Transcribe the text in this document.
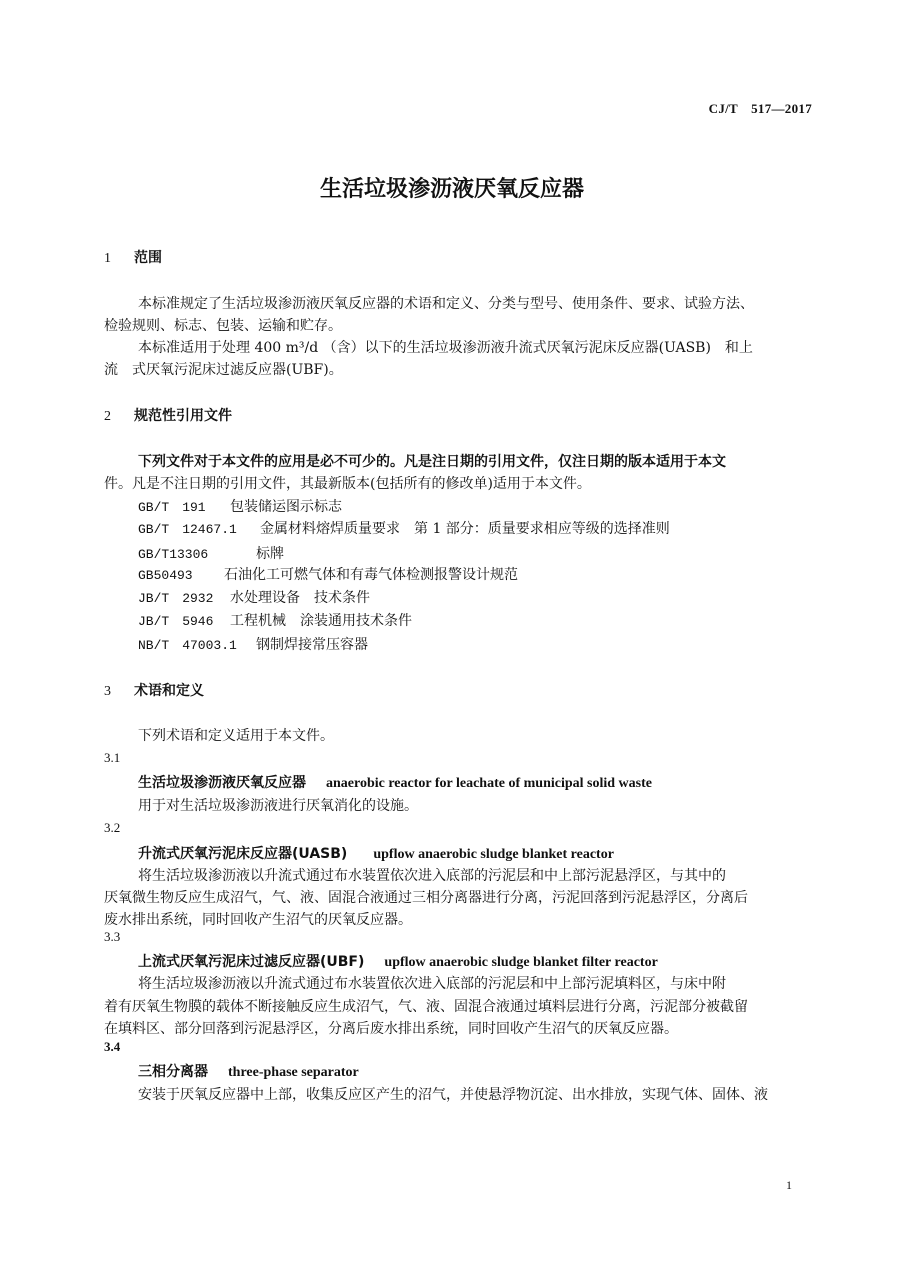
CJ/T　517—2017
生活垃圾渗沥液厌氧反应器
1 范围
本标准规定了生活垃圾渗沥液厌氧反应器的术语和定义、分类与型号、使用条件、要求、试验方法、
检验规则、标志、包装、运输和贮存。
本标准适用于处理 400 m³/d （含）以下的生活垃圾渗沥液升流式厌氧污泥床反应器(UASB)　和上
流　式厌氧污泥床过滤反应器(UBF)。
2 规范性引用文件
下列文件对于本文件的应用是必不可少的。凡是注日期的引用文件，仅注日期的版本适用于本文
件。凡是不注日期的引用文件，其最新版本(包括所有的修改单)适用于本文件。
GB/T　191 包装储运图示标志
GB/T　12467.1 金属材料熔焊质量要求　第 1 部分：质量要求相应等级的选择准则
GB/T13306	标牌
GB50493 石油化工可燃气体和有毒气体检测报警设计规范
JB/T　2932 水处理设备　技术条件
JB/T　5946 工程机械　涂装通用技术条件
NB/T　47003.1 钢制焊接常压容器
3 术语和定义
下列术语和定义适用于本文件。
3.1
生活垃圾渗沥液厌氧反应器 anaerobic reactor for leachate of municipal solid waste
用于对生活垃圾渗沥液进行厌氧消化的设施。
3.2
升流式厌氧污泥床反应器(UASB) upflow anaerobic sludge blanket reactor
将生活垃圾渗沥液以升流式通过布水装置依次进入底部的污泥层和中上部污泥悬浮区，与其中的
厌氧微生物反应生成沼气，气、液、固混合液通过三相分离器进行分离，污泥回落到污泥悬浮区，分离后
废水排出系统，同时回收产生沼气的厌氧反应器。
3.3
上流式厌氧污泥床过滤反应器(UBF) upflow anaerobic sludge blanket filter reactor
将生活垃圾渗沥液以升流式通过布水装置依次进入底部的污泥层和中上部污泥填料区，与床中附
着有厌氧生物膜的载体不断接触反应生成沼气，气、液、固混合液通过填料层进行分离，污泥部分被截留
在填料区、部分回落到污泥悬浮区，分离后废水排出系统，同时回收产生沼气的厌氧反应器。
3.4
三相分离器 three-phase separator
安装于厌氧反应器中上部，收集反应区产生的沼气，并使悬浮物沉淀、出水排放，实现气体、固体、液
1
